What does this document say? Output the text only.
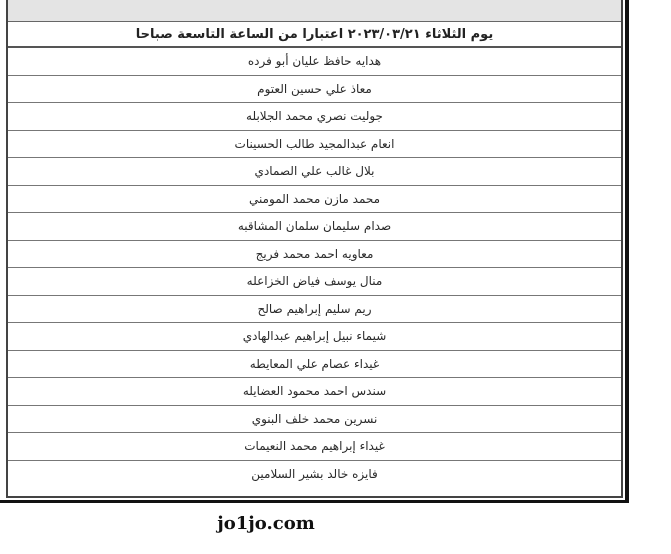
يوم الثلاثاء ٢٠٢٣/٠٣/٢١ اعتبارا من الساعة التاسعة صباحا
هدايه حافظ عليان أبو فرده
معاذ علي حسين العتوم
جوليت نصري محمد الجلابله
انعام عبدالمجيد طالب الحسينات
بلال غالب علي الصمادي
محمد مازن محمد المومني
صدام سليمان سلمان المشاقبه
معاويه احمد محمد فريج
منال يوسف فياض الخزاعله
ريم سليم إبراهيم صالح
شيماء نبيل إبراهيم عبدالهادي
غيداء عصام علي المعايطه
سندس احمد محمود العضايله
نسرين محمد خلف البنوي
غيداء إبراهيم محمد النعيمات
فايزه خالد بشير السلامين
jo1jo.com
